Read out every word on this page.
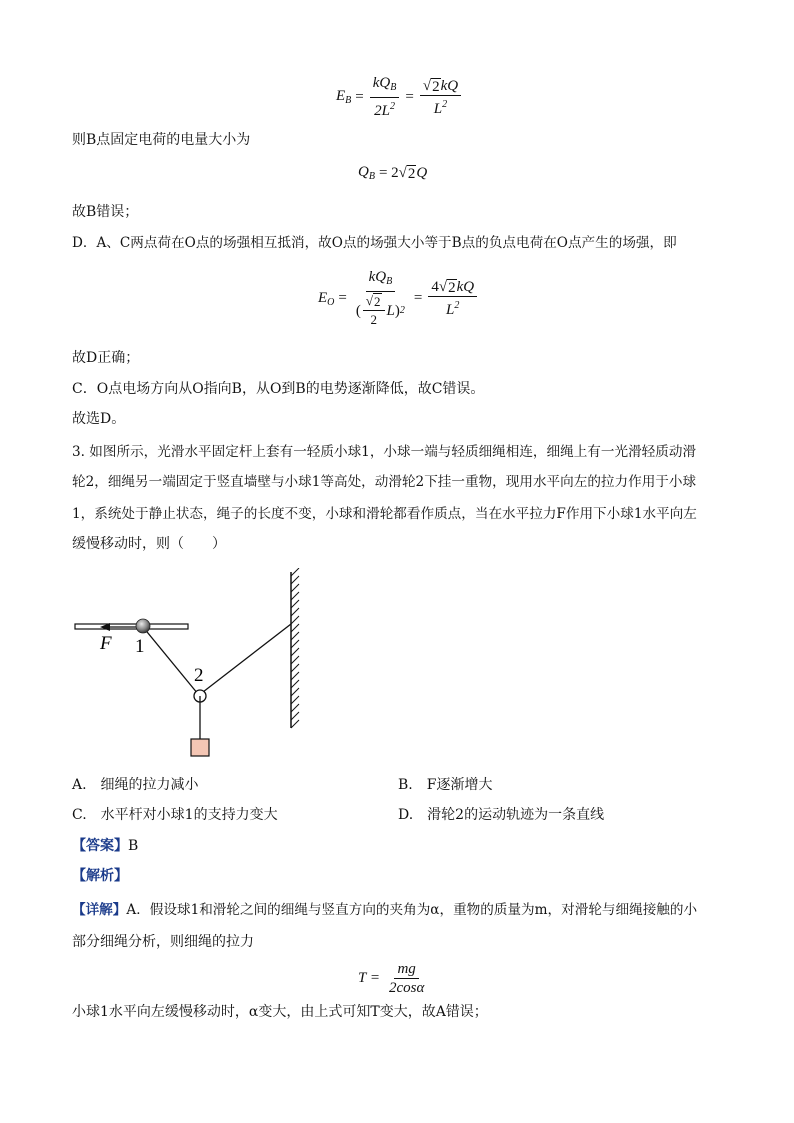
$E_B = \frac{kQ_B}{2L^2} = \frac{√ 2 kQ}{L^2}$
则B点固定电荷的电量大小为
$Q_B = 2$ √ 2 Q
故B错误；
D．A、C两点荷在O点的场强相互抵消，故O点的场强大小等于B点的负点电荷在O点产生的场强，即
$E_O = \frac{kQ_B}{( \frac{√ 2}{2} L ) 2} = \frac{4 √ 2 kQ}{L^2}$
故D正确；
C．O点电场方向从O指向B，从O到B的电势逐渐降低，故C错误。
故选D。
3. 如图所示，光滑水平固定杆上套有一轻质小球1，小球一端与轻质细绳相连，细绳上有一光滑轻质动滑
轮2，细绳另一端固定于竖直墙壁与小球1等高处，动滑轮2下挂一重物，现用水平向左的拉力作用于小球
1，系统处于静止状态，绳子的长度不变，小球和滑轮都看作质点，当在水平拉力F作用下小球1水平向左
缓慢移动时，则（　　）
F 1
2
A.　细绳的拉力减小	B.　F逐渐增大
C.　水平杆对小球1的支持力变大	D.　滑轮2的运动轨迹为一条直线
【答案】B
【解析】
【详解】A．假设球1和滑轮之间的细绳与竖直方向的夹角为α，重物的质量为m，对滑轮与细绳接触的小
部分细绳分析，则细绳的拉力
$T = \frac{mg}{2\cos\alpha}$
小球1水平向左缓慢移动时，α变大，由上式可知T变大，故A错误；
